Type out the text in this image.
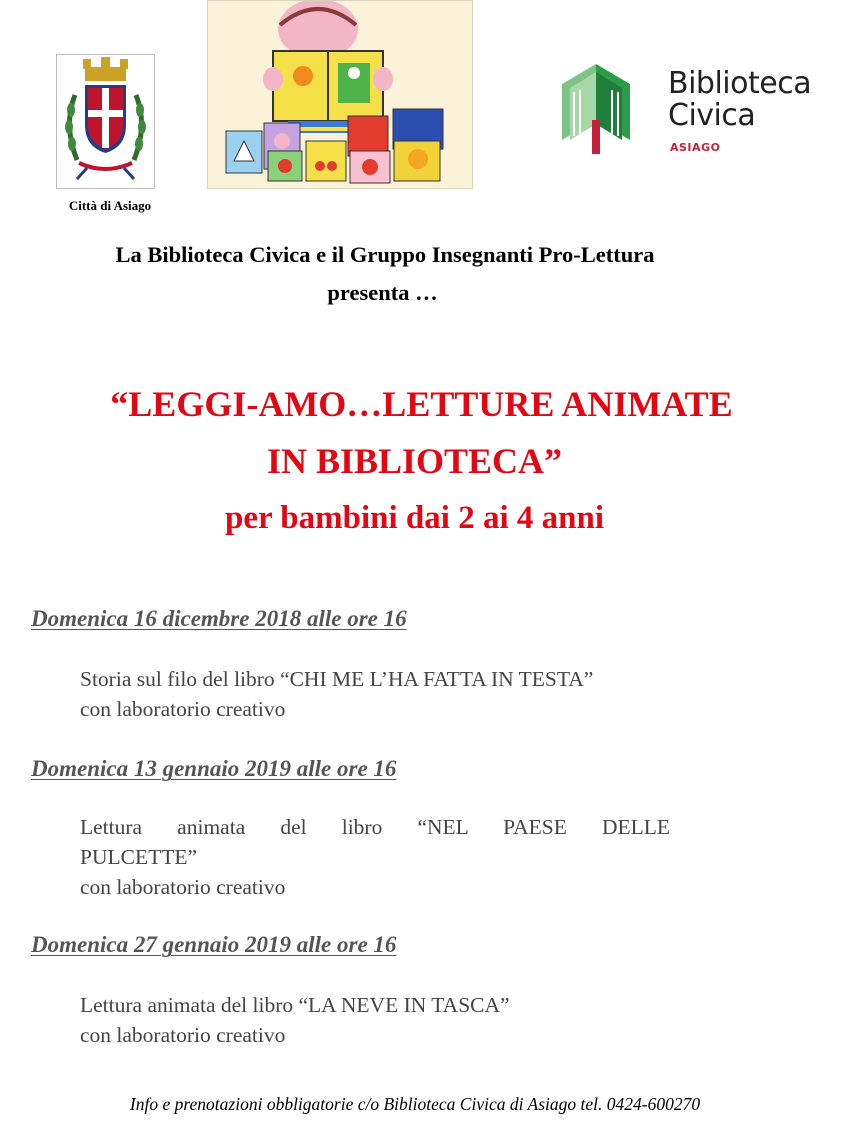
Città di Asiago
Biblioteca
Civica
ASIAGO
La Biblioteca Civica e il Gruppo Insegnanti Pro-Lettura
presenta …
“LEGGI-AMO…LETTURE ANIMATE
IN BIBLIOTECA”
per bambini dai 2 ai 4 anni
Domenica 16 dicembre 2018 alle ore 16
Storia sul filo del libro “CHI ME L’HA FATTA IN TESTA”
con laboratorio creativo
Domenica 13 gennaio 2019 alle ore 16
Lettura animata del libro “NEL PAESE DELLE
PULCETTE”
con laboratorio creativo
Domenica 27 gennaio 2019 alle ore 16
Lettura animata del libro “LA NEVE IN TASCA”
con laboratorio creativo
Info e prenotazioni obbligatorie c/o Biblioteca Civica di Asiago tel. 0424-600270
